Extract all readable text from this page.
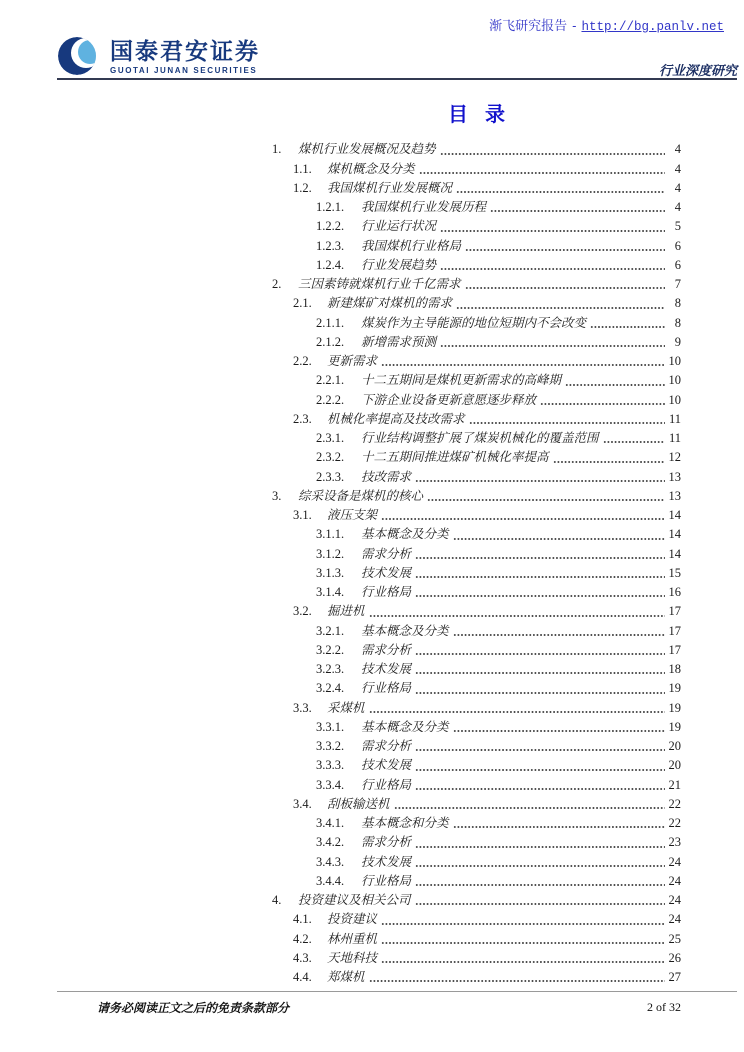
渐飞研究报告 - http://bg.panlv.net
国泰君安证券
GUOTAI JUNAN SECURITIES	行业深度研究
目 录
1.	煤机行业发展概况及趋势	4
1.1.	煤机概念及分类	4
1.2.	我国煤机行业发展概况	4
1.2.1.	我国煤机行业发展历程	4
1.2.2.	行业运行状况	5
1.2.3.	我国煤机行业格局	6
1.2.4.	行业发展趋势	6
2.	三因素铸就煤机行业千亿需求	7
2.1.	新建煤矿对煤机的需求	8
2.1.1.	煤炭作为主导能源的地位短期内不会改变	8
2.1.2.	新增需求预测	9
2.2.	更新需求	10
2.2.1.	十二五期间是煤机更新需求的高峰期	10
2.2.2.	下游企业设备更新意愿逐步释放	10
2.3.	机械化率提高及技改需求	11
2.3.1.	行业结构调整扩展了煤炭机械化的覆盖范围	11
2.3.2.	十二五期间推进煤矿机械化率提高	12
2.3.3.	技改需求	13
3.	综采设备是煤机的核心	13
3.1.	液压支架	14
3.1.1.	基本概念及分类	14
3.1.2.	需求分析	14
3.1.3.	技术发展	15
3.1.4.	行业格局	16
3.2.	掘进机	17
3.2.1.	基本概念及分类	17
3.2.2.	需求分析	17
3.2.3.	技术发展	18
3.2.4.	行业格局	19
3.3.	采煤机	19
3.3.1.	基本概念及分类	19
3.3.2.	需求分析	20
3.3.3.	技术发展	20
3.3.4.	行业格局	21
3.4.	刮板输送机	22
3.4.1.	基本概念和分类	22
3.4.2.	需求分析	23
3.4.3.	技术发展	24
3.4.4.	行业格局	24
4.	投资建议及相关公司	24
4.1.	投资建议	24
4.2.	林州重机	25
4.3.	天地科技	26
4.4.	郑煤机	27
请务必阅读正文之后的免责条款部分	2 of 32
